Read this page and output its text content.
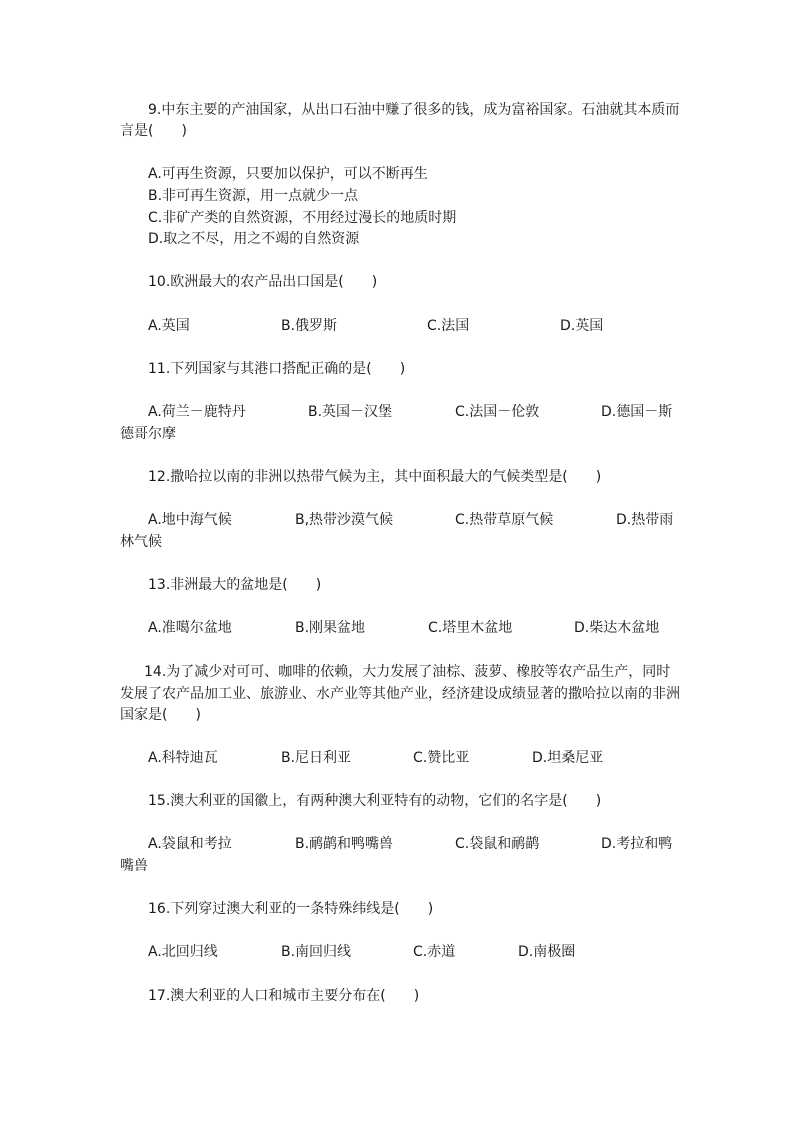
9.中东主要的产油国家，从出口石油中赚了很多的钱，成为富裕国家。石油就其本质而
言是(　　)
A.可再生资源，只要加以保护，可以不断再生
B.非可再生资源，用一点就少一点
C.非矿产类的自然资源，不用经过漫长的地质时期
D.取之不尽，用之不竭的自然资源
10.欧洲最大的农产品出口国是(　　)
A.英国	B.俄罗斯	C.法国	D.英国
11.下列国家与其港口搭配正确的是(　　)
A.荷兰－鹿特丹	B.英国－汉堡	C.法国－伦敦	D.德国－斯
德哥尔摩
12.撒哈拉以南的非洲以热带气候为主，其中面积最大的气候类型是(　　)
A.地中海气候	B,热带沙漠气候	C.热带草原气候	D.热带雨
林气候
13.非洲最大的盆地是(　　)
A.准噶尔盆地	B.刚果盆地	C.塔里木盆地	D.柴达木盆地
14.为了减少对可可、咖啡的依赖，大力发展了油棕、菠萝、橡胶等农产品生产，同时
发展了农产品加工业、旅游业、水产业等其他产业，经济建设成绩显著的撒哈拉以南的非洲
国家是(　　)
A.科特迪瓦	B.尼日利亚	C.赞比亚	D.坦桑尼亚
15.澳大利亚的国徽上，有两种澳大利亚特有的动物，它们的名字是(　　)
A.袋鼠和考拉	B.鸸鹋和鸭嘴兽	C.袋鼠和鸸鹋	D.考拉和鸭
嘴兽
16.下列穿过澳大利亚的一条特殊纬线是(　　)
A.北回归线	B.南回归线	C.赤道	D.南极圈
17.澳大利亚的人口和城市主要分布在(　　)
